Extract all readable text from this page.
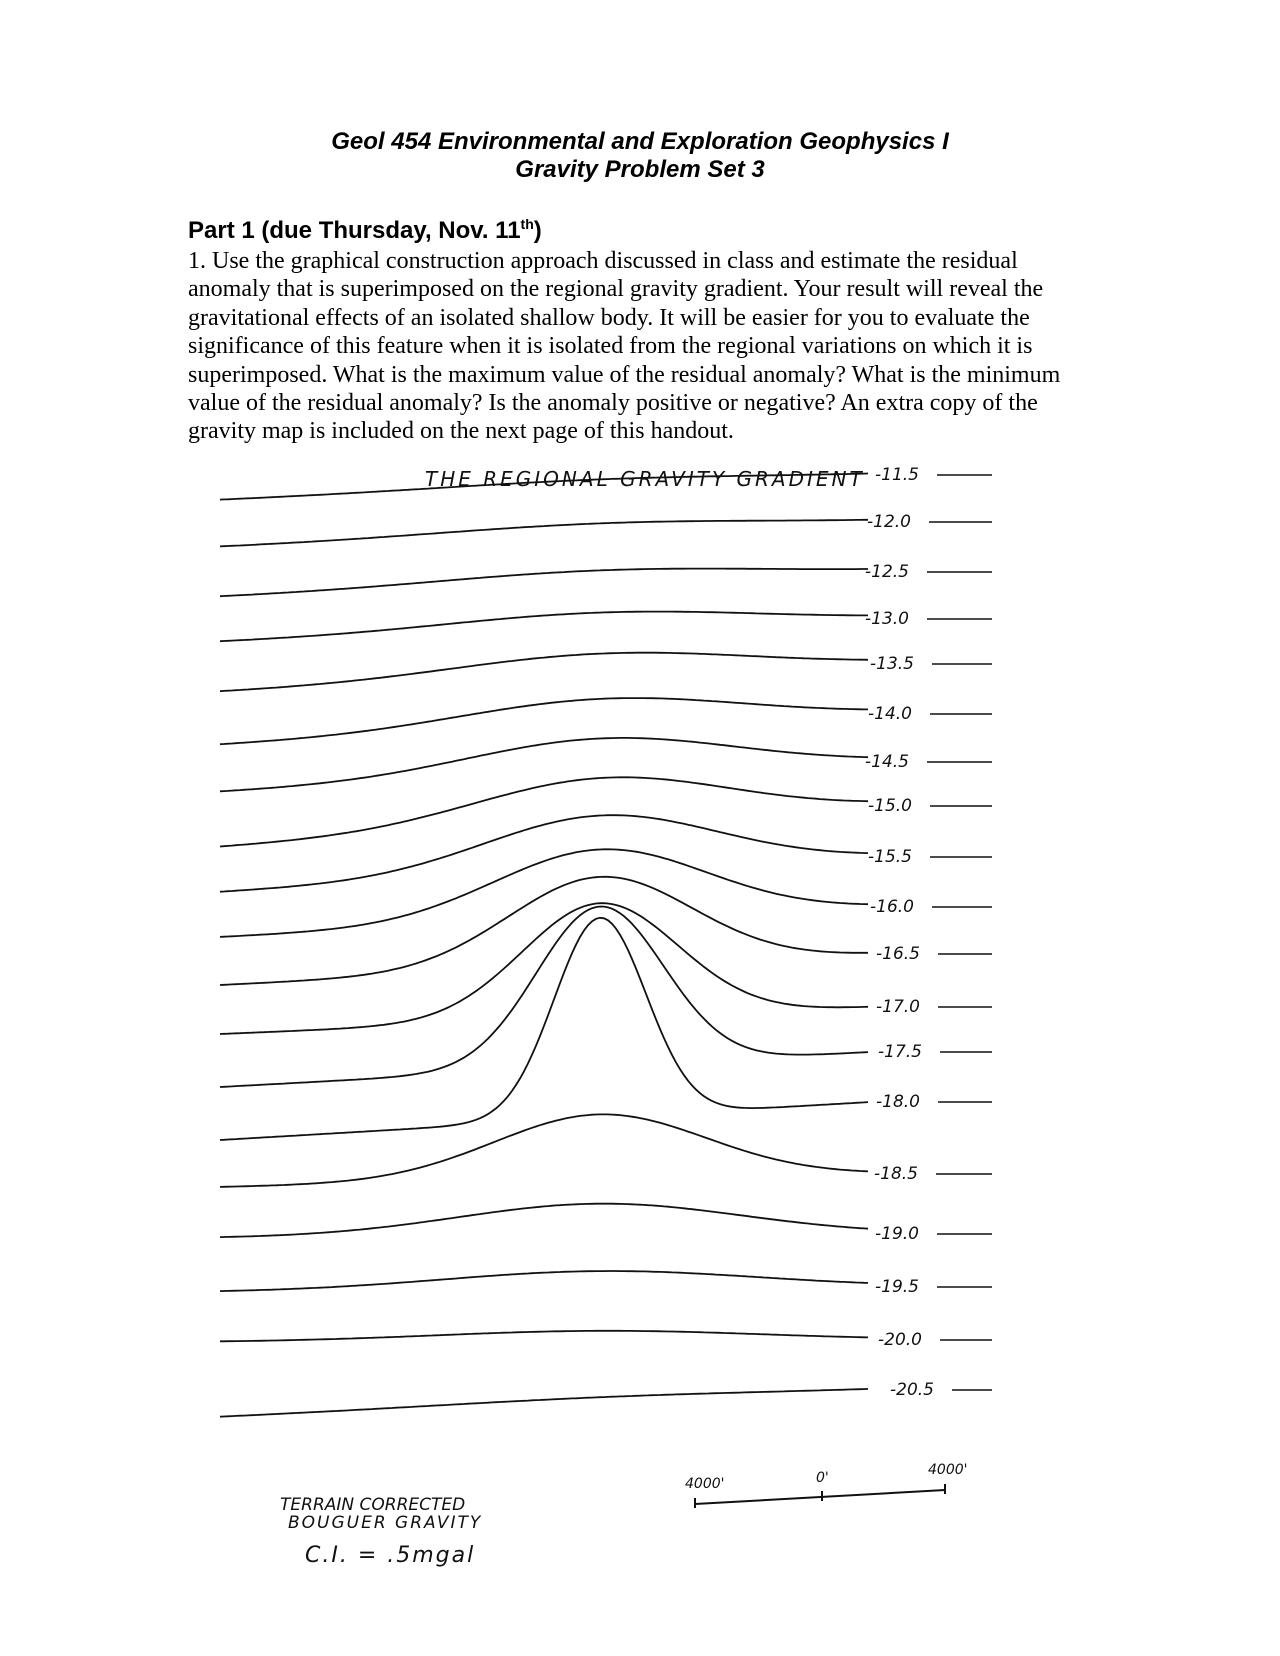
Geol 454 Environmental and Exploration Geophysics I
Gravity Problem Set 3
Part 1 (due Thursday, Nov. 11th)
1. Use the graphical construction approach discussed in class and estimate the residual anomaly that is superimposed on the regional gravity gradient. Your result will reveal the gravitational effects of an isolated shallow body. It will be easier for you to evaluate the significance of this feature when it is isolated from the regional variations on which it is superimposed. What is the maximum value of the residual anomaly? What is the minimum value of the residual anomaly? Is the anomaly positive or negative? An extra copy of the gravity map is included on the next page of this handout.
THE REGIONAL GRAVITY GRADIENT -11.5
-12.0
-12.5
-13.0
-13.5
-14.0
-14.5
-15.0
-15.5
-16.0
-16.5
-17.0
-17.5
-18.0
-18.5
-19.0
-19.5
-20.0
-20.5
TERRAIN CORRECTED
BOUGUER GRAVITY
C.I. = .5mgal
4000'	0'	4000'
